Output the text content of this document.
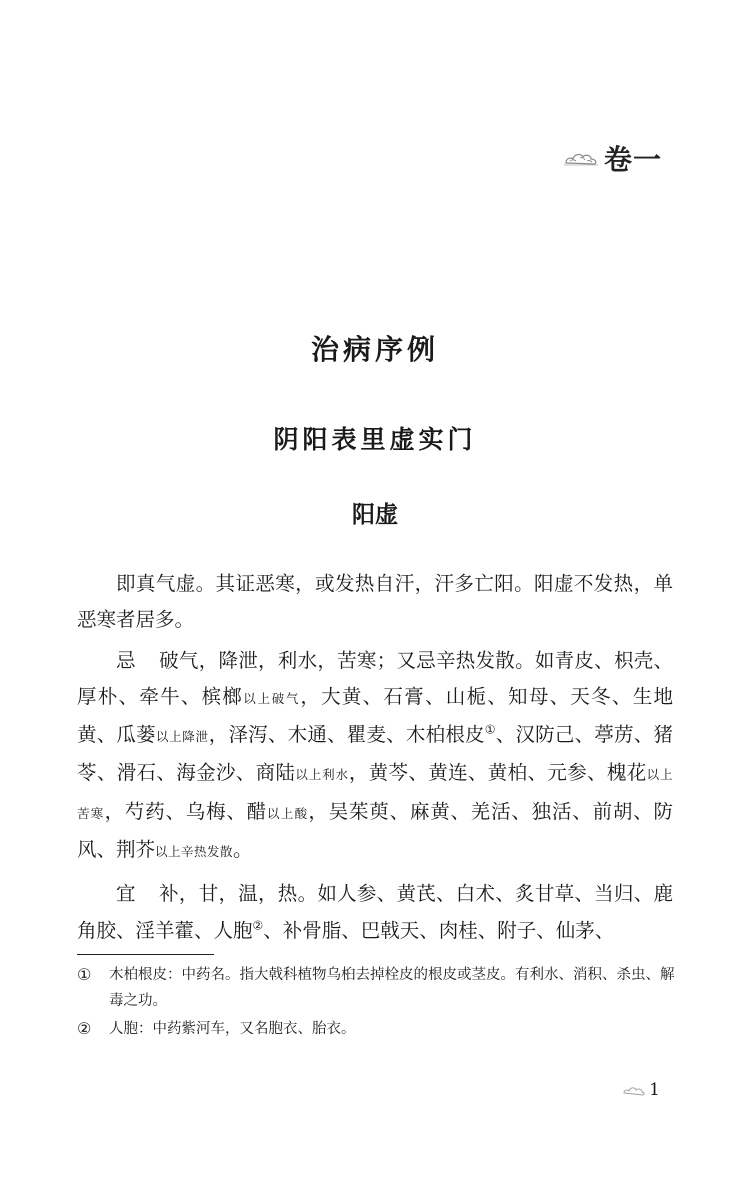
卷一
治病序例
阴阳表里虚实门
阳虚

即真气虚。其证恶寒，或发热自汗，汗多亡阳。阳虚不发热，单恶寒者居多。

忌 破气，降泄，利水，苦寒；又忌辛热发散。如青皮、枳壳、厚朴、牵牛、槟榔以上破气，大黄、石膏、山栀、知母、天冬、生地黄、瓜蒌以上降泄，泽泻、木通、瞿麦、木柏根皮①、汉防己、葶苈、猪苓、滑石、海金沙、商陆以上利水，黄芩、黄连、黄柏、元参、槐花以上苦寒，芍药、乌梅、醋以上酸，吴茱萸、麻黄、羌活、独活、前胡、防风、荆芥以上辛热发散。

宜 补，甘，温，热。如人参、黄芪、白术、炙甘草、当归、鹿角胶、淫羊藿、人胞②、补骨脂、巴戟天、肉桂、附子、仙茅、

①	木柏根皮：中药名。指大戟科植物乌桕去掉栓皮的根皮或茎皮。有利水、消积、杀虫、解毒之功。
②	人胞：中药紫河车，又名胞衣、胎衣。
1
